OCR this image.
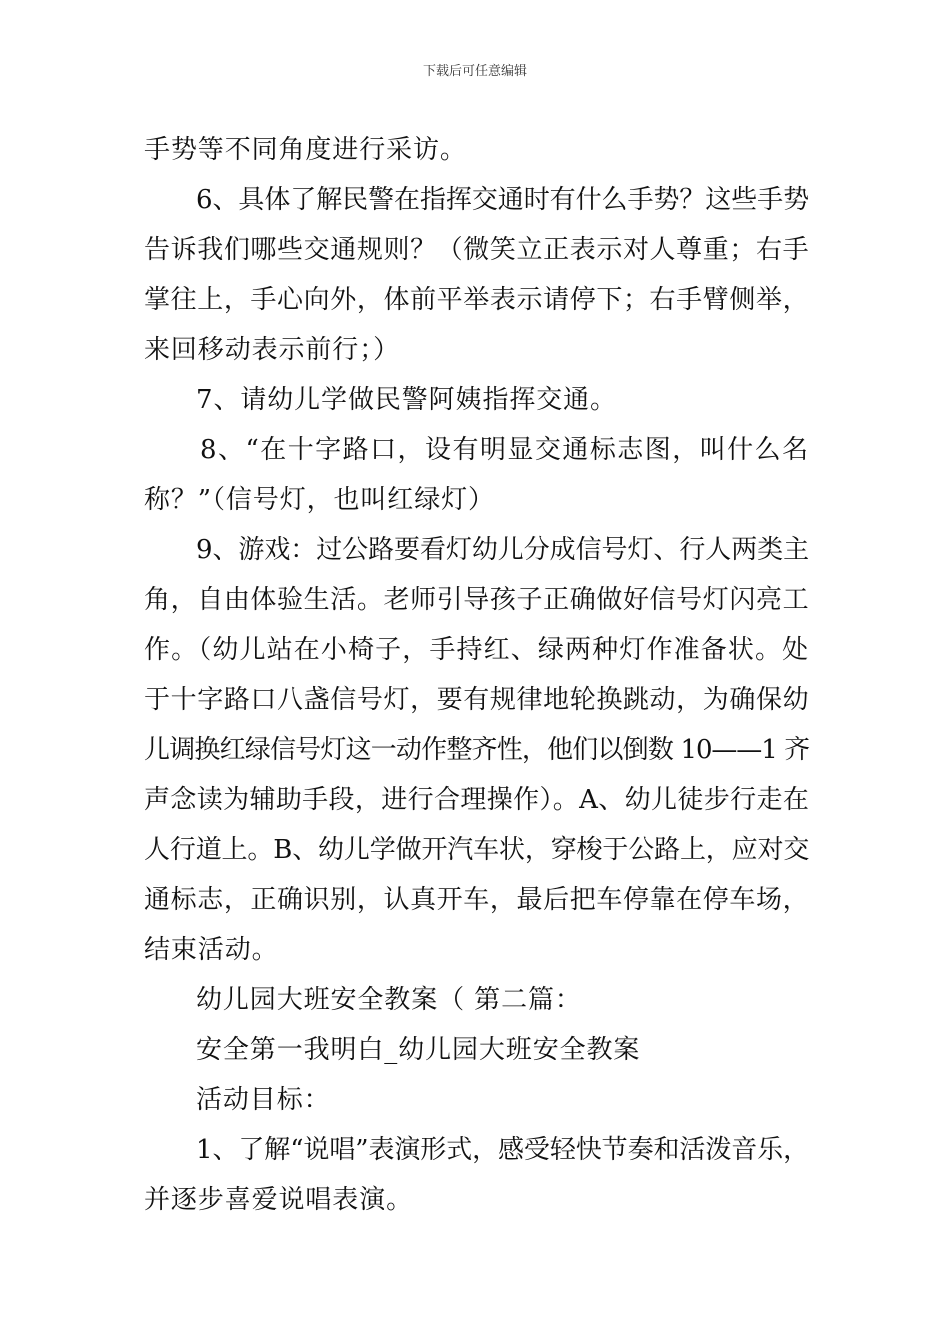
下载后可任意编辑
手势等不同角度进行采访。
6、具体了解民警在指挥交通时有什么手势？这些手势
告诉我们哪些交通规则？（微笑立正表示对人尊重；右手
掌往上，手心向外，体前平举表示请停下；右手臂侧举，
来回移动表示前行；）
7、请幼儿学做民警阿姨指挥交通。
8、“在十字路口，设有明显交通标志图，叫什么名
称？”（信号灯，也叫红绿灯）
9、游戏：过公路要看灯幼儿分成信号灯、行人两类主
角，自由体验生活。老师引导孩子正确做好信号灯闪亮工
作。（幼儿站在小椅子，手持红、绿两种灯作准备状。处
于十字路口八盏信号灯，要有规律地轮换跳动，为确保幼
儿调换红绿信号灯这一动作整齐性，他们以倒数 10——1 齐
声念读为辅助手段，进行合理操作）。A、幼儿徒步行走在
人行道上。B、幼儿学做开汽车状，穿梭于公路上，应对交
通标志，正确识别，认真开车，最后把车停靠在停车场，
结束活动。
幼儿园大班安全教案（ 第二篇：
安全第一我明白_幼儿园大班安全教案
活动目标：
1、了解“说唱”表演形式，感受轻快节奏和活泼音乐，
并逐步喜爱说唱表演。
